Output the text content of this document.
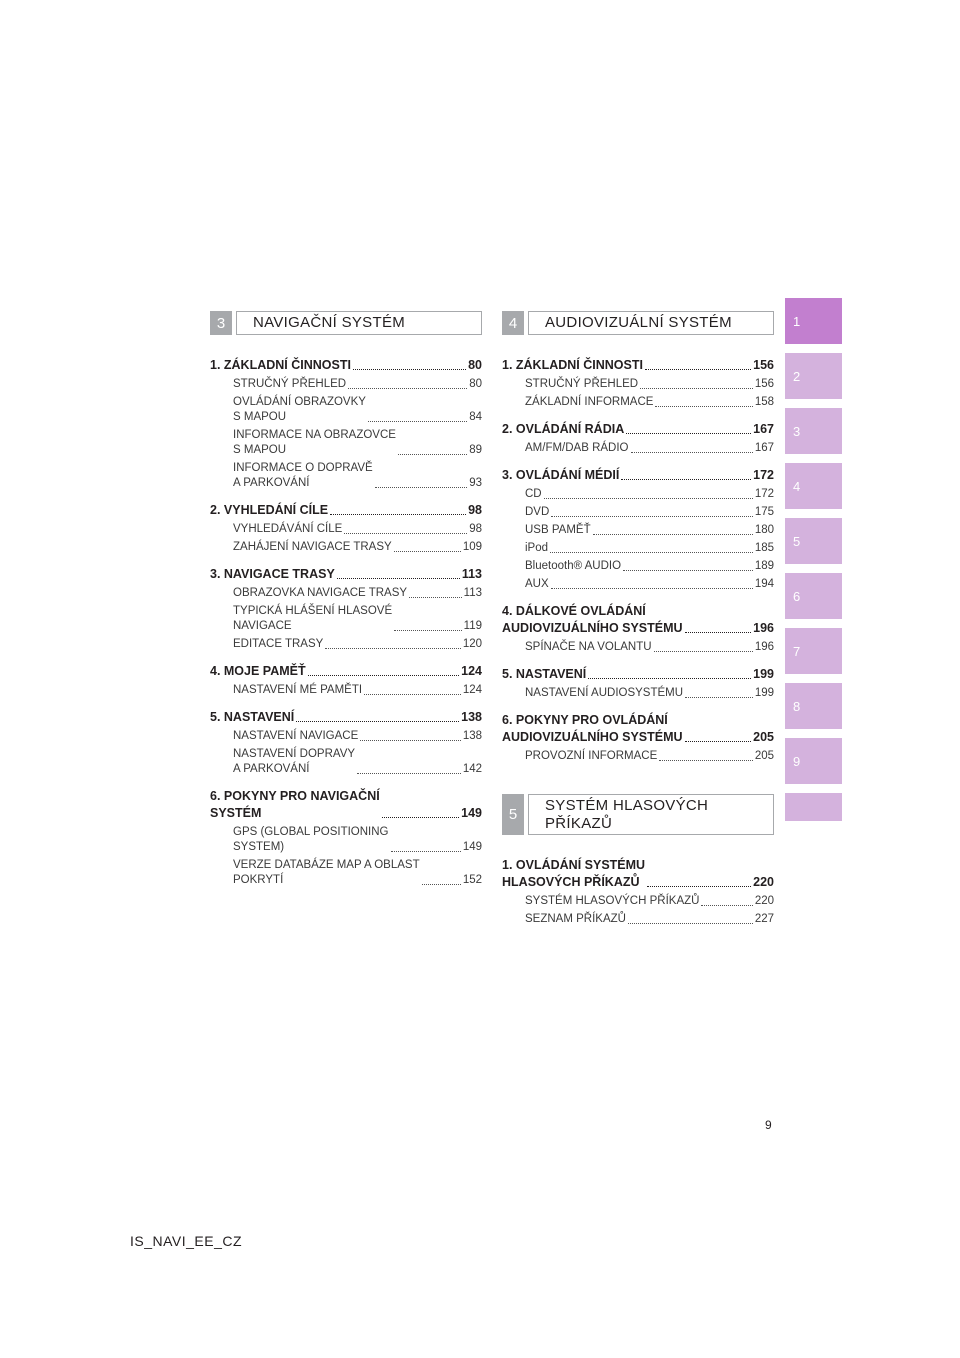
3	NAVIGAČNÍ SYSTÉM
1. ZÁKLADNÍ ČINNOSTI	80
STRUČNÝ PŘEHLED	80
OVLÁDÁNÍ OBRAZOVKY
S MAPOU	84
INFORMACE NA OBRAZOVCE
S MAPOU	89
INFORMACE O DOPRAVĚ
A PARKOVÁNÍ	93
2. VYHLEDÁNÍ CÍLE	98
VYHLEDÁVÁNÍ CÍLE	98
ZAHÁJENÍ NAVIGACE TRASY	109
3. NAVIGACE TRASY	113
OBRAZOVKA NAVIGACE TRASY	113
TYPICKÁ HLÁŠENÍ HLASOVÉ
NAVIGACE	119
EDITACE TRASY	120
4. MOJE PAMĚŤ	124
NASTAVENÍ MÉ PAMĚTI	124
5. NASTAVENÍ	138
NASTAVENÍ NAVIGACE	138
NASTAVENÍ DOPRAVY
A PARKOVÁNÍ	142
6. POKYNY PRO NAVIGAČNÍ
SYSTÉM	149
GPS (GLOBAL POSITIONING
SYSTEM)	149
VERZE DATABÁZE MAP A OBLAST
POKRYTÍ	152
4	AUDIOVIZUÁLNÍ SYSTÉM
1. ZÁKLADNÍ ČINNOSTI	156
STRUČNÝ PŘEHLED	156
ZÁKLADNÍ INFORMACE	158
2. OVLÁDÁNÍ RÁDIA	167
AM/FM/DAB RÁDIO	167
3. OVLÁDÁNÍ MÉDIÍ	172
CD	172
DVD	175
USB PAMĚŤ	180
iPod	185
Bluetooth® AUDIO	189
AUX	194
4. DÁLKOVÉ OVLÁDÁNÍ
AUDIOVIZUÁLNÍHO SYSTÉMU	196
SPÍNAČE NA VOLANTU	196
5. NASTAVENÍ	199
NASTAVENÍ AUDIOSYSTÉMU	199
6. POKYNY PRO OVLÁDÁNÍ
AUDIOVIZUÁLNÍHO SYSTÉMU	205
PROVOZNÍ INFORMACE	205
5
SYSTÉM HLASOVÝCH
PŘÍKAZŮ
1. OVLÁDÁNÍ SYSTÉMU
HLASOVÝCH PŘÍKAZŮ	220
SYSTÉM HLASOVÝCH PŘÍKAZŮ	220
SEZNAM PŘÍKAZŮ	227
1
2
3
4
5
6
7
8
9
9
IS_NAVI_EE_CZ
